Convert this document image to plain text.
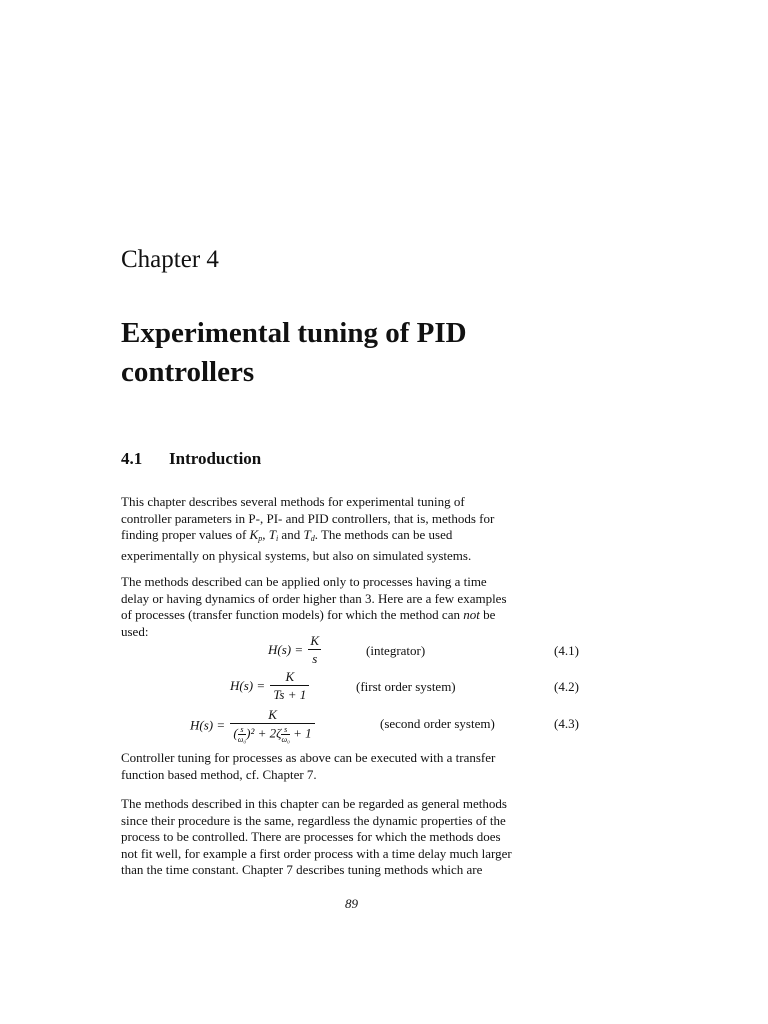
Chapter 4
Experimental tuning of PID
controllers
4.1 Introduction
This chapter describes several methods for experimental tuning of
controller parameters in P-, PI- and PID controllers, that is, methods for
finding proper values of $K_p$, $T_i$ and $T_d$. The methods can be used
experimentally on physical systems, but also on simulated systems.
The methods described can be applied only to processes having a time
delay or having dynamics of order higher than 3. Here are a few examples
of processes (transfer function models) for which the method can not be
used:
$H(s) = \frac{K}{s}$	(integrator)	(4.1)
$H(s) = \frac{K}{Ts + 1}$	(first order system)	(4.2)
$H(s) = \frac{K}{( \frac{s}{\text{ω₀}} )^2 + 2\zeta \frac{s}{\text{ω₀}} + 1}$	(second order system)	(4.3)
Controller tuning for processes as above can be executed with a transfer
function based method, cf. Chapter 7.
The methods described in this chapter can be regarded as general methods
since their procedure is the same, regardless the dynamic properties of the
process to be controlled. There are processes for which the methods does
not fit well, for example a first order process with a time delay much larger
than the time constant. Chapter 7 describes tuning methods which are
89
